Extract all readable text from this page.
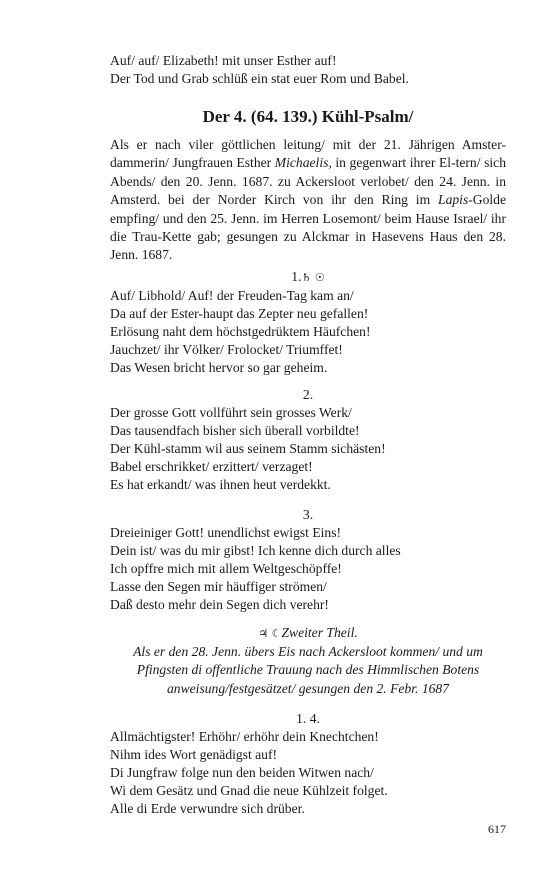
Auf/ auf/ Elizabeth! mit unser Esther auf!
Der Tod und Grab schlüß ein stat euer Rom und Babel.
Der 4. (64. 139.) Kühl-Psalm/
Als er nach viler göttlichen leitung/ mit der 21. Jährigen Amster-dammerin/ Jungfrauen Esther Michaelis, in gegenwart ihrer El-tern/ sich Abends/ den 20. Jenn. 1687. zu Ackersloot verlobet/ den 24. Jenn. in Amsterd. bei der Norder Kirch von ihr den Ring im Lapis-Golde empfing/ und den 25. Jenn. im Herren Losemont/ beim Hause Israel/ ihr die Trau-Kette gab; gesungen zu Alckmar in Hasevens Haus den 28. Jenn. 1687.
1.♄ ☉
Auf/ Libhold/ Auf! der Freuden-Tag kam an/
Da auf der Ester-haupt das Zepter neu gefallen!
Erlösung naht dem höchstgedrüktem Häufchen!
Jauchzet/ ihr Völker/ Frolocket/ Triumffet!
Das Wesen bricht hervor so gar geheim.
2.
Der grosse Gott vollführt sein grosses Werk/
Das tausendfach bisher sich überall vorbildte!
Der Kühl-stamm wil aus seinem Stamm sichästen!
Babel erschrikket/ erzittert/ verzaget!
Es hat erkandt/ was ihnen heut verdekkt.
3.
Dreieiniger Gott! unendlichst ewigst Eins!
Dein ist/ was du mir gibst! Ich kenne dich durch alles
Ich opffre mich mit allem Weltgeschöpffe!
Lasse den Segen mir häuffiger strömen/
Daß desto mehr dein Segen dich verehr!
♃ ☾Zweiter Theil.
Als er den 28. Jenn. übers Eis nach Ackersloot kommen/ und um
Pfingsten di offentliche Trauung nach des Himmlischen Botens
anweisung/festgesätzet/ gesungen den 2. Febr. 1687
1. 4.
Allmächtigster! Erhöhr/ erhöhr dein Knechtchen!
Nihm ides Wort genädigst auf!
Di Jungfraw folge nun den beiden Witwen nach/
Wi dem Gesätz und Gnad die neue Kühlzeit folget.
Alle di Erde verwundre sich drüber.
617
